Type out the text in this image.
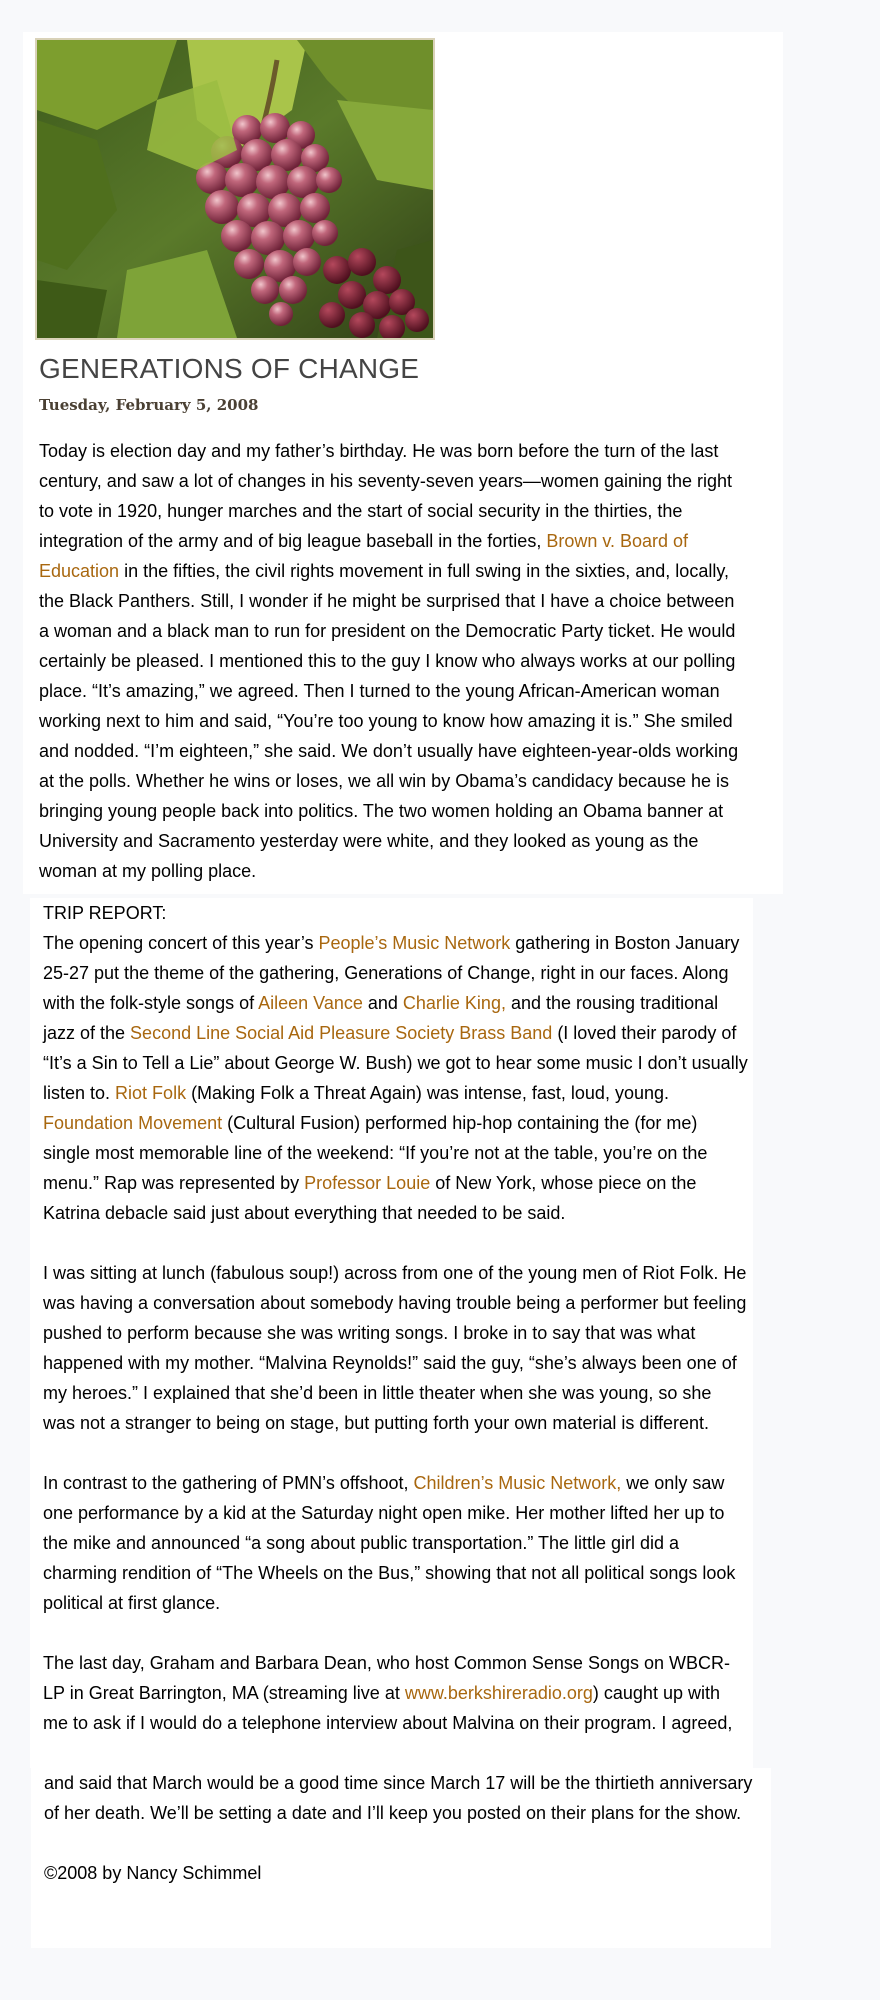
GENERATIONS OF CHANGE
Tuesday, February 5, 2008

Today is election day and my father’s birthday. He was born before the turn of the last century, and saw a lot of changes in his seventy-seven years—women gaining the right to vote in 1920, hunger marches and the start of social security in the thirties, the integration of the army and of big league baseball in the forties, Brown v. Board of Education in the fifties, the civil rights movement in full swing in the sixties, and, locally, the Black Panthers. Still, I wonder if he might be surprised that I have a choice between a woman and a black man to run for president on the Democratic Party ticket. He would certainly be pleased. I mentioned this to the guy I know who always works at our polling place. “It’s amazing,” we agreed. Then I turned to the young African-American woman working next to him and said, “You’re too young to know how amazing it is.” She smiled and nodded. “I’m eighteen,” she said. We don’t usually have eighteen-year-olds working at the polls. Whether he wins or loses, we all win by Obama’s candidacy because he is bringing young people back into politics. The two women holding an Obama banner at University and Sacramento yesterday were white, and they looked as young as the woman at my polling place.

TRIP REPORT:

The opening concert of this year’s People’s Music Network gathering in Boston January 25-27 put the theme of the gathering, Generations of Change, right in our faces. Along with the folk-style songs of Aileen Vance and Charlie King, and the rousing traditional jazz of the Second Line Social Aid Pleasure Society Brass Band (I loved their parody of “It’s a Sin to Tell a Lie” about George W. Bush) we got to hear some music I don’t usually listen to. Riot Folk (Making Folk a Threat Again) was intense, fast, loud, young. Foundation Movement (Cultural Fusion) performed hip-hop containing the (for me) single most memorable line of the weekend: “If you’re not at the table, you’re on the menu.” Rap was represented by Professor Louie of New York, whose piece on the Katrina debacle said just about everything that needed to be said.

I was sitting at lunch (fabulous soup!) across from one of the young men of Riot Folk. He was having a conversation about somebody having trouble being a performer but feeling pushed to perform because she was writing songs. I broke in to say that was what happened with my mother. “Malvina Reynolds!” said the guy, “she’s always been one of my heroes.” I explained that she’d been in little theater when she was young, so she was not a stranger to being on stage, but putting forth your own material is different.

In contrast to the gathering of PMN’s offshoot, Children’s Music Network, we only saw one performance by a kid at the Saturday night open mike. Her mother lifted her up to the mike and announced “a song about public transportation.” The little girl did a charming rendition of “The Wheels on the Bus,” showing that not all political songs look political at first glance.

The last day, Graham and Barbara Dean, who host Common Sense Songs on WBCR-LP in Great Barrington, MA (streaming live at www.berkshireradio.org) caught up with me to ask if I would do a telephone interview about Malvina on their program. I agreed,

and said that March would be a good time since March 17 will be the thirtieth anniversary of her death. We’ll be setting a date and I’ll keep you posted on their plans for the show.

©2008 by Nancy Schimmel
